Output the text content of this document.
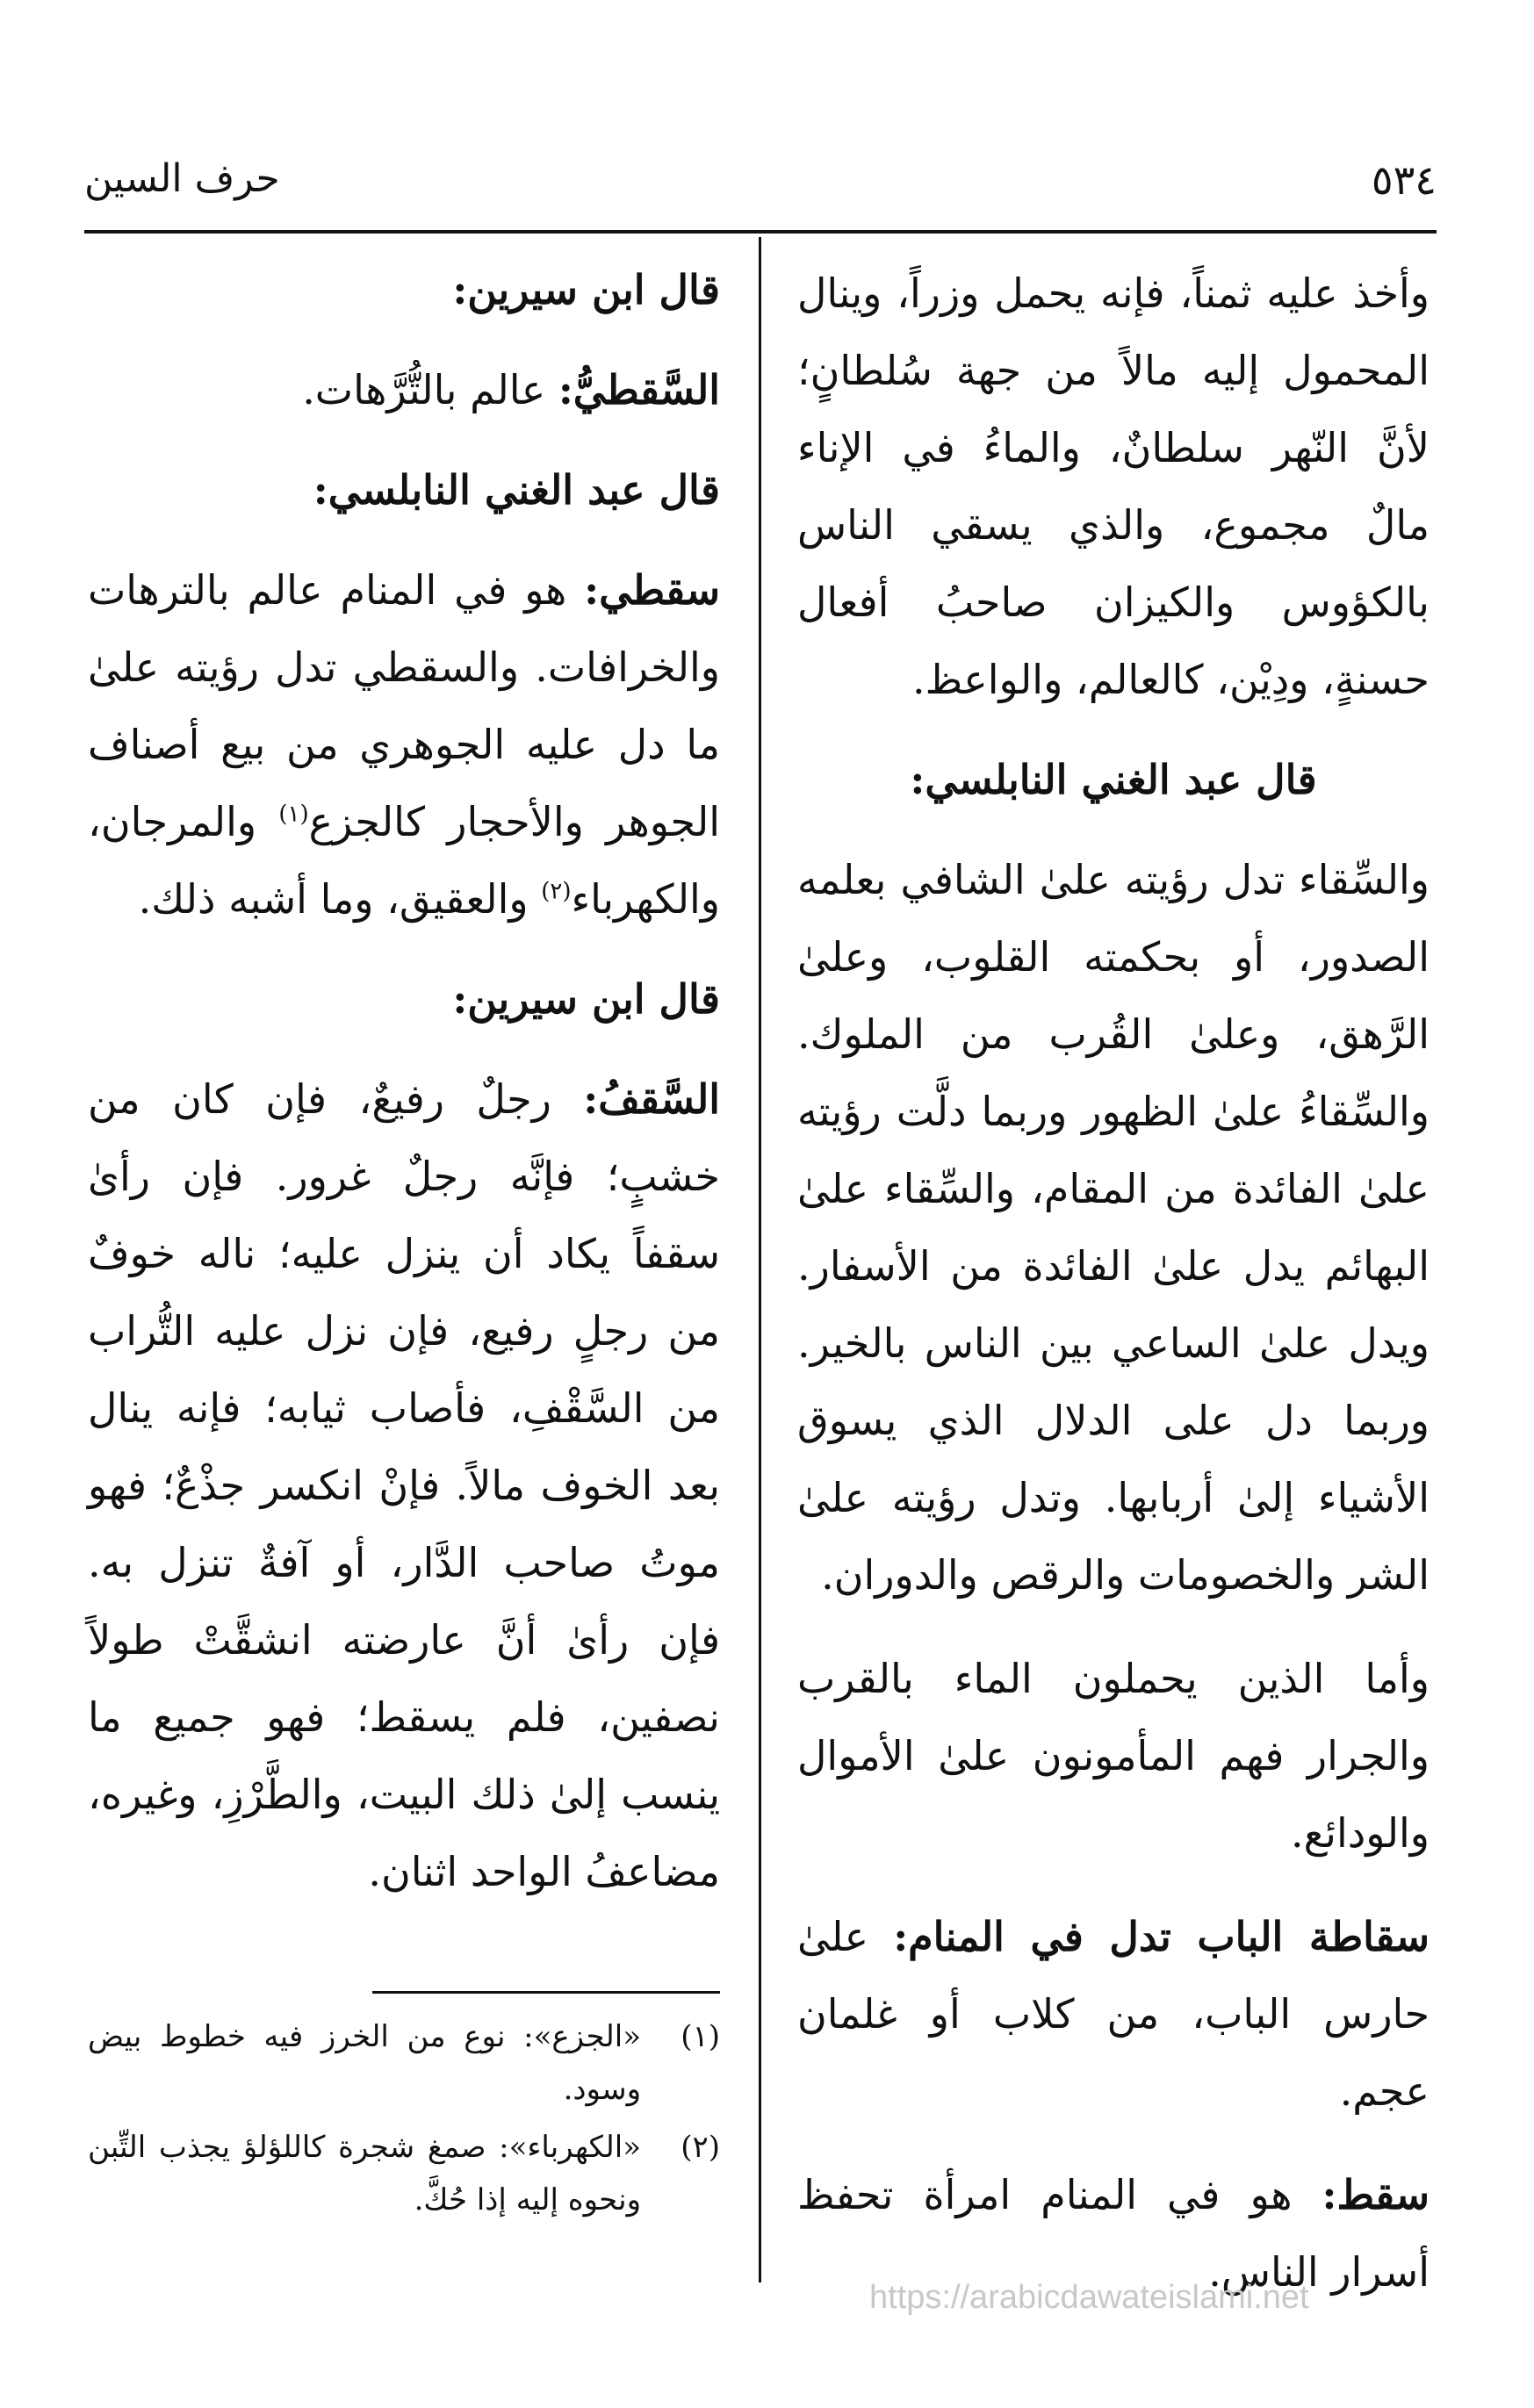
٥٣٤
حرف السين

وأخذ عليه ثمناً، فإنه يحمل وزراً، وينال المحمول إليه مالاً من جهة سُلطانٍ؛ لأنَّ النّهر سلطانٌ، والماءُ في الإناء مالٌ مجموع، والذي يسقي الناس بالكؤوس والكيزان صاحبُ أفعال حسنةٍ، ودِيْن، كالعالم، والواعظ.

قال عبد الغني النابلسي:

والسِّقاء تدل رؤيته علىٰ الشافي بعلمه الصدور، أو بحكمته القلوب، وعلىٰ الرَّهق، وعلىٰ القُرب من الملوك. والسِّقاءُ علىٰ الظهور وربما دلَّت رؤيته علىٰ الفائدة من المقام، والسِّقاء علىٰ البهائم يدل علىٰ الفائدة من الأسفار. ويدل علىٰ الساعي بين الناس بالخير. وربما دل على الدلال الذي يسوق الأشياء إلىٰ أربابها. وتدل رؤيته علىٰ الشر والخصومات والرقص والدوران.

وأما الذين يحملون الماء بالقرب والجرار فهم المأمونون علىٰ الأموال والودائع.

سقاطة الباب تدل في المنام: علىٰ حارس الباب، من كلاب أو غلمان عجم.

سقط: هو في المنام امرأة تحفظ أسرار الناس.

قال ابن سيرين:

السَّقطيُّ: عالم بالتُّرَّهات.

قال عبد الغني النابلسي:

سقطي: هو في المنام عالم بالترهات والخرافات. والسقطي تدل رؤيته علىٰ ما دل عليه الجوهري من بيع أصناف الجوهر والأحجار كالجزع$^{(١)}$ والمرجان، والكهرباء$^{(٢)}$ والعقيق، وما أشبه ذلك.

قال ابن سيرين:

السَّقفُ: رجلٌ رفيعٌ، فإن كان من خشبٍ؛ فإنَّه رجلٌ غرور. فإن رأىٰ سقفاً يكاد أن ينزل عليه؛ ناله خوفٌ من رجلٍ رفيع، فإن نزل عليه التُّراب من السَّقْفِ، فأصاب ثيابه؛ فإنه ينال بعد الخوف مالاً. فإنْ انكسر جذْعٌ؛ فهو موتُ صاحب الدَّار، أو آفةٌ تنزل به. فإن رأىٰ أنَّ عارضته انشقَّتْ طولاً نصفين، فلم يسقط؛ فهو جميع ما ينسب إلىٰ ذلك البيت، والطَّرْزِ، وغيره، مضاعفُ الواحد اثنان.

(١)
«الجزع»: نوع من الخرز فيه خطوط بيض وسود.
(٢)
«الكهرباء»: صمغ شجرة كاللؤلؤ يجذب التِّبن ونحوه إليه إذا حُكَّ.
https://arabicdawateislami.net
